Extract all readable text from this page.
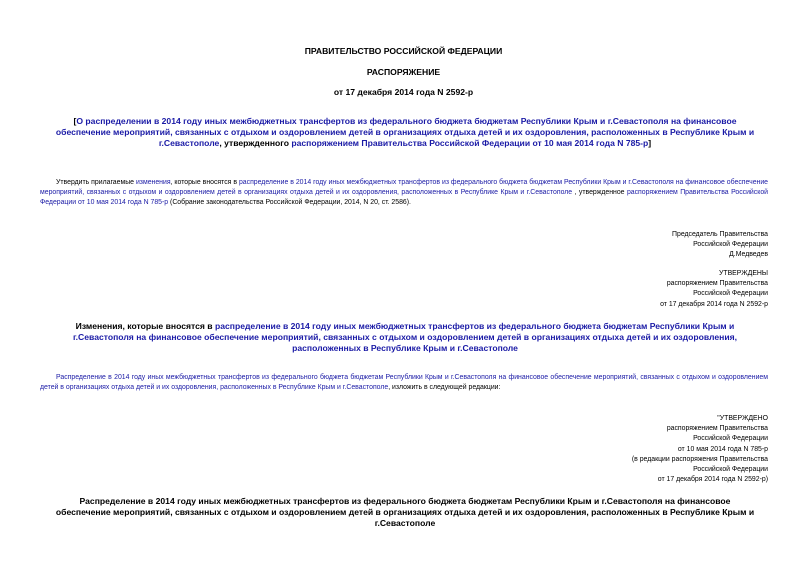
ПРАВИТЕЛЬСТВО РОССИЙСКОЙ ФЕДЕРАЦИИ
РАСПОРЯЖЕНИЕ
от 17 декабря 2014 года N 2592-р
[О распределении в 2014 году иных межбюджетных трансфертов из федерального бюджета бюджетам Республики Крым и г.Севастополя на финансовое обеспечение мероприятий, связанных с отдыхом и оздоровлением детей в организациях отдыха детей и их оздоровления, расположенных в Республике Крым и г.Севастополе, утвержденного распоряжением Правительства Российской Федерации от 10 мая 2014 года N 785-р]
Утвердить прилагаемые изменения, которые вносятся в распределение в 2014 году иных межбюджетных трансфертов из федерального бюджета бюджетам Республики Крым и г.Севастополя на финансовое обеспечение мероприятий, связанных с отдыхом и оздоровлением детей в организациях отдыха детей и их оздоровления, расположенных в Республике Крым и г.Севастополе , утвержденное распоряжением Правительства Российской Федерации от 10 мая 2014 года N 785-р (Собрание законодательства Российской Федерации, 2014, N 20, ст. 2586).
Председатель Правительства
Российской Федерации
Д.Медведев
УТВЕРЖДЕНЫ
распоряжением Правительства
Российской Федерации
от 17 декабря 2014 года N 2592-р
Изменения, которые вносятся в распределение в 2014 году иных межбюджетных трансфертов из федерального бюджета бюджетам Республики Крым и г.Севастополя на финансовое обеспечение мероприятий, связанных с отдыхом и оздоровлением детей в организациях отдыха детей и их оздоровления, расположенных в Республике Крым и г.Севастополе
Распределение в 2014 году иных межбюджетных трансфертов из федерального бюджета бюджетам Республики Крым и г.Севастополя на финансовое обеспечение мероприятий, связанных с отдыхом и оздоровлением детей в организациях отдыха детей и их оздоровления, расположенных в Республике Крым и г.Севастополе, изложить в следующей редакции:
"УТВЕРЖДЕНО
распоряжением Правительства
Российской Федерации
от 10 мая 2014 года N 785-р
(в редакции распоряжения Правительства
Российской Федерации
от 17 декабря 2014 года N 2592-р)
Распределение в 2014 году иных межбюджетных трансфертов из федерального бюджета бюджетам Республики Крым и г.Севастополя на финансовое обеспечение мероприятий, связанных с отдыхом и оздоровлением детей в организациях отдыха детей и их оздоровления, расположенных в Республике Крым и г.Севастополе
